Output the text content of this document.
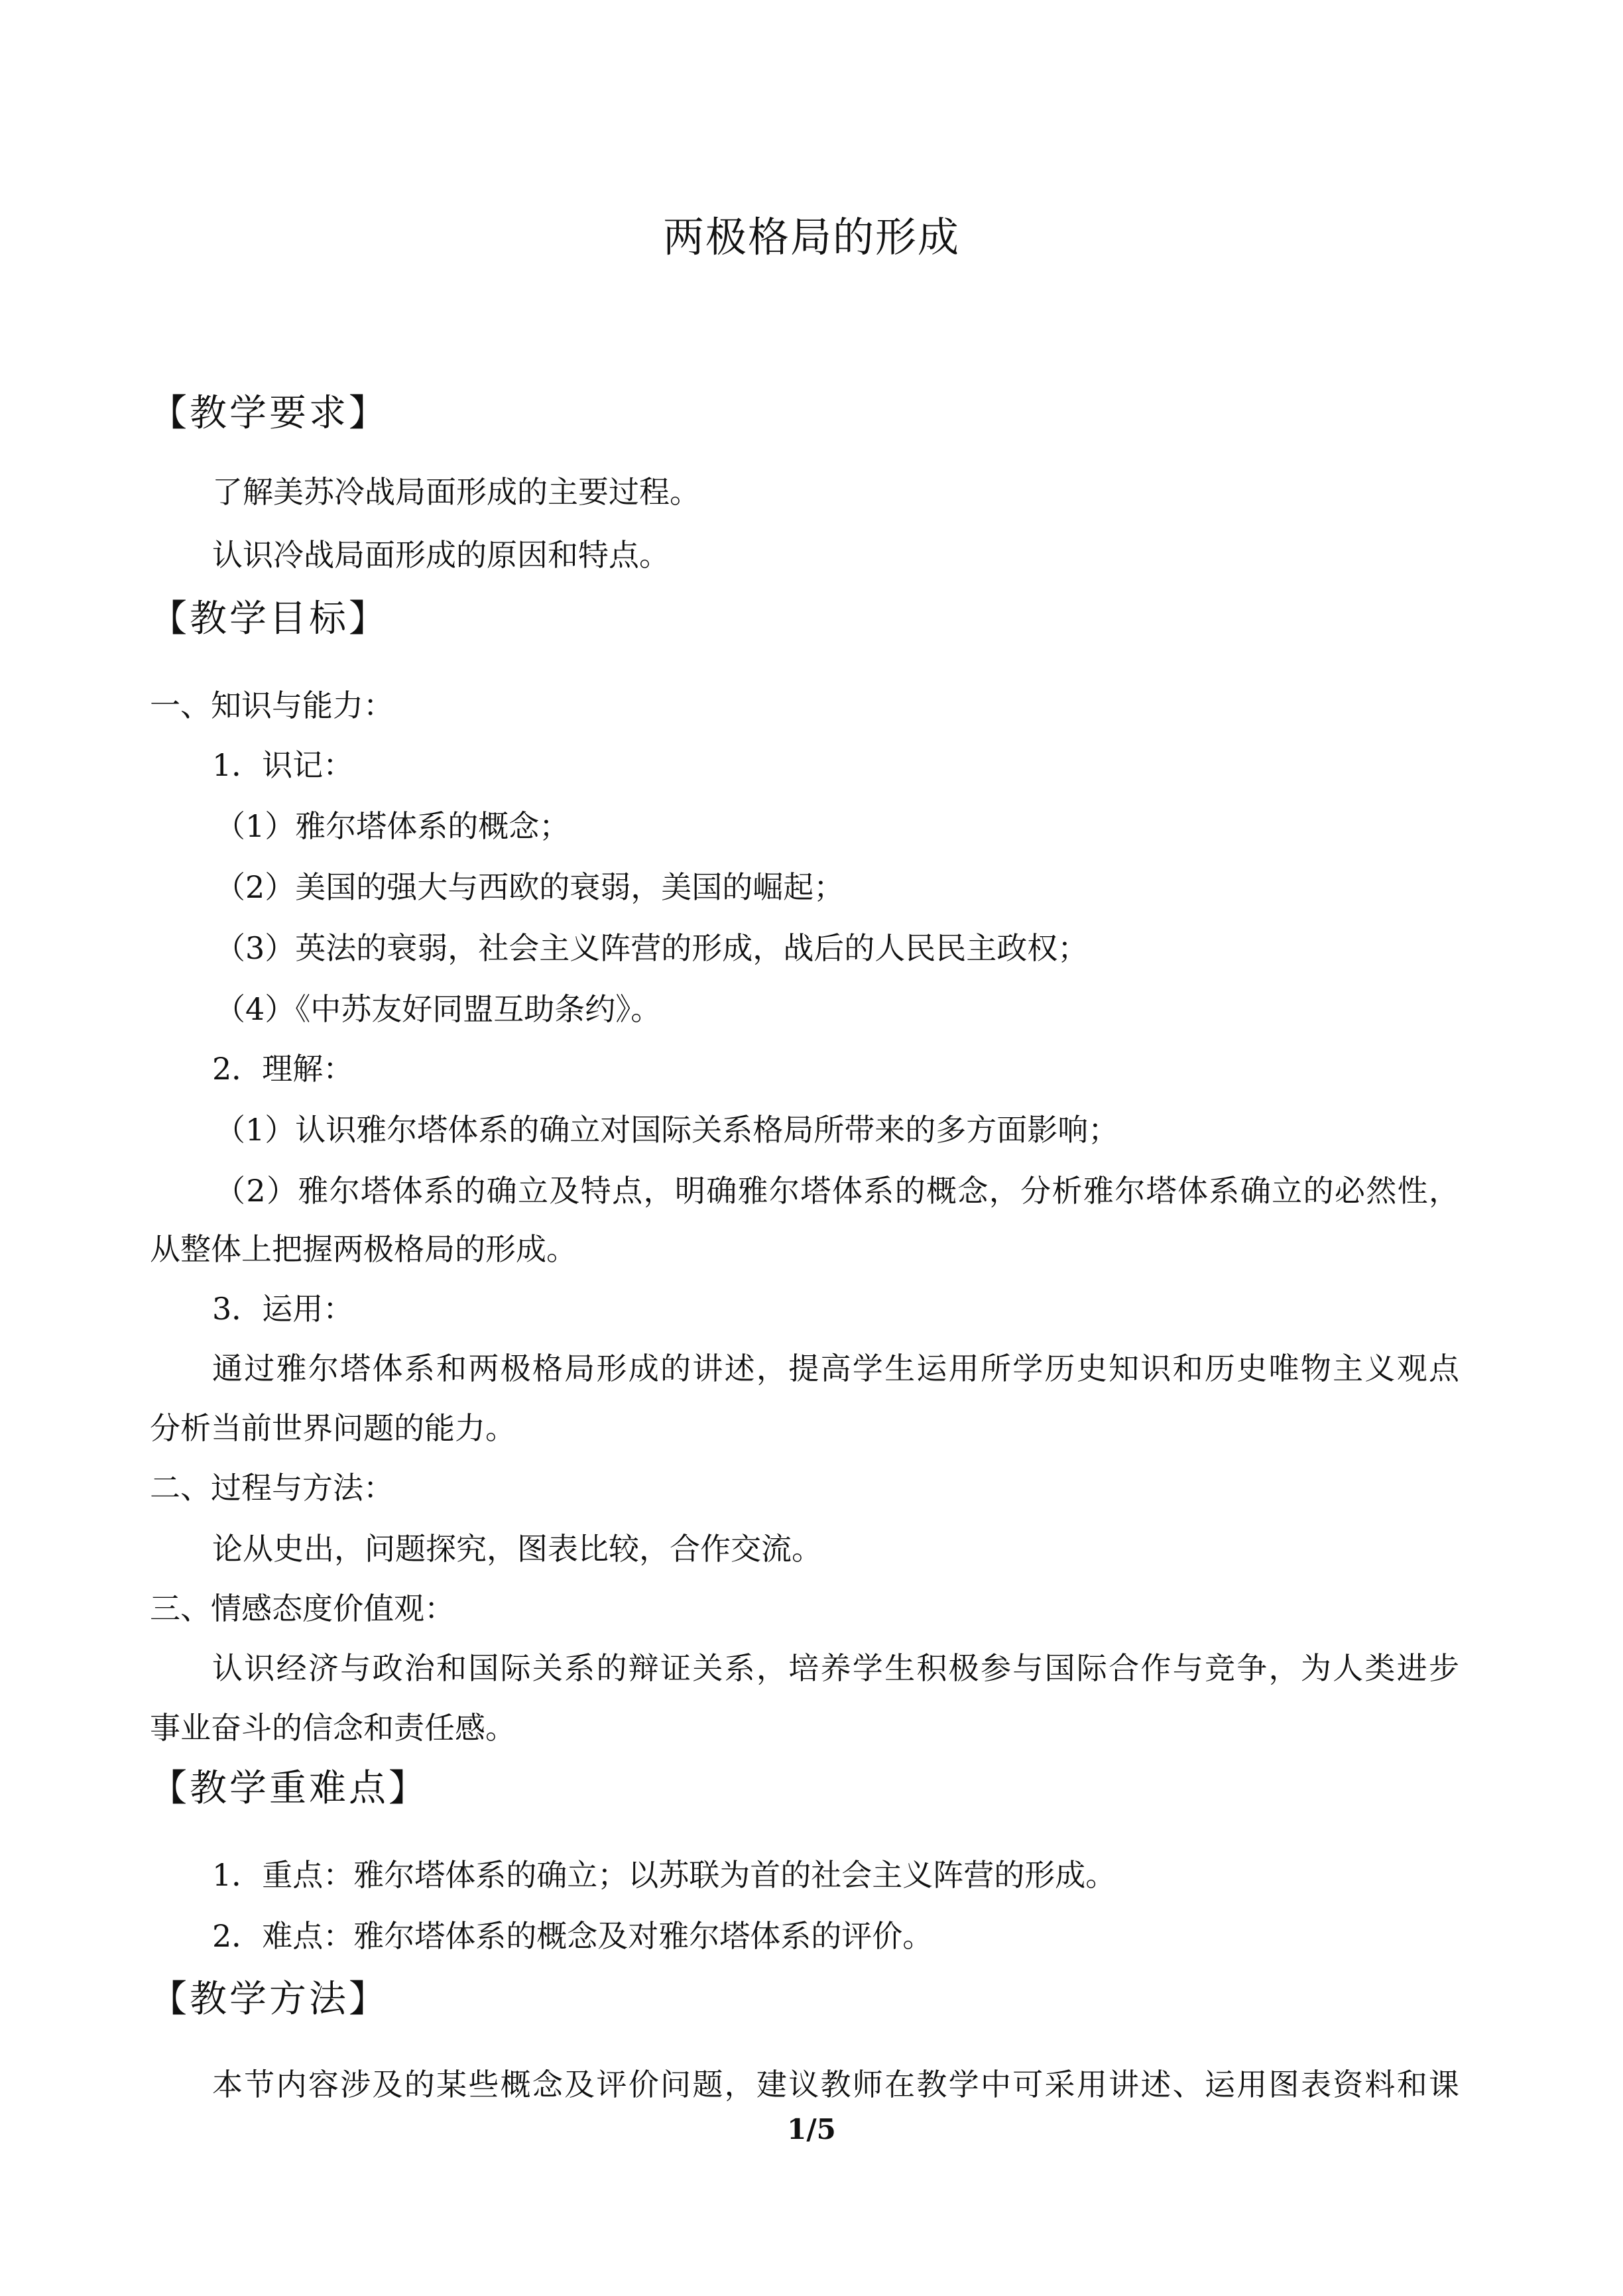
两极格局的形成
【教学要求】
了解美苏冷战局面形成的主要过程。
认识冷战局面形成的原因和特点。
【教学目标】
一、知识与能力：
1．识记：
（1）雅尔塔体系的概念；
（2）美国的强大与西欧的衰弱，美国的崛起；
（3）英法的衰弱，社会主义阵营的形成，战后的人民民主政权；
（4）《中苏友好同盟互助条约》。
2．理解：
（1）认识雅尔塔体系的确立对国际关系格局所带来的多方面影响；
（2）雅尔塔体系的确立及特点，明确雅尔塔体系的概念，分析雅尔塔体系确立的必然性，
从整体上把握两极格局的形成。
3．运用：
通过雅尔塔体系和两极格局形成的讲述，提高学生运用所学历史知识和历史唯物主义观点
分析当前世界问题的能力。
二、过程与方法：
论从史出，问题探究，图表比较，合作交流。
三、情感态度价值观：
认识经济与政治和国际关系的辩证关系，培养学生积极参与国际合作与竞争，为人类进步
事业奋斗的信念和责任感。
【教学重难点】
1．重点：雅尔塔体系的确立；以苏联为首的社会主义阵营的形成。
2．难点：雅尔塔体系的概念及对雅尔塔体系的评价。
【教学方法】
本节内容涉及的某些概念及评价问题，建议教师在教学中可采用讲述、运用图表资料和课
1/5
